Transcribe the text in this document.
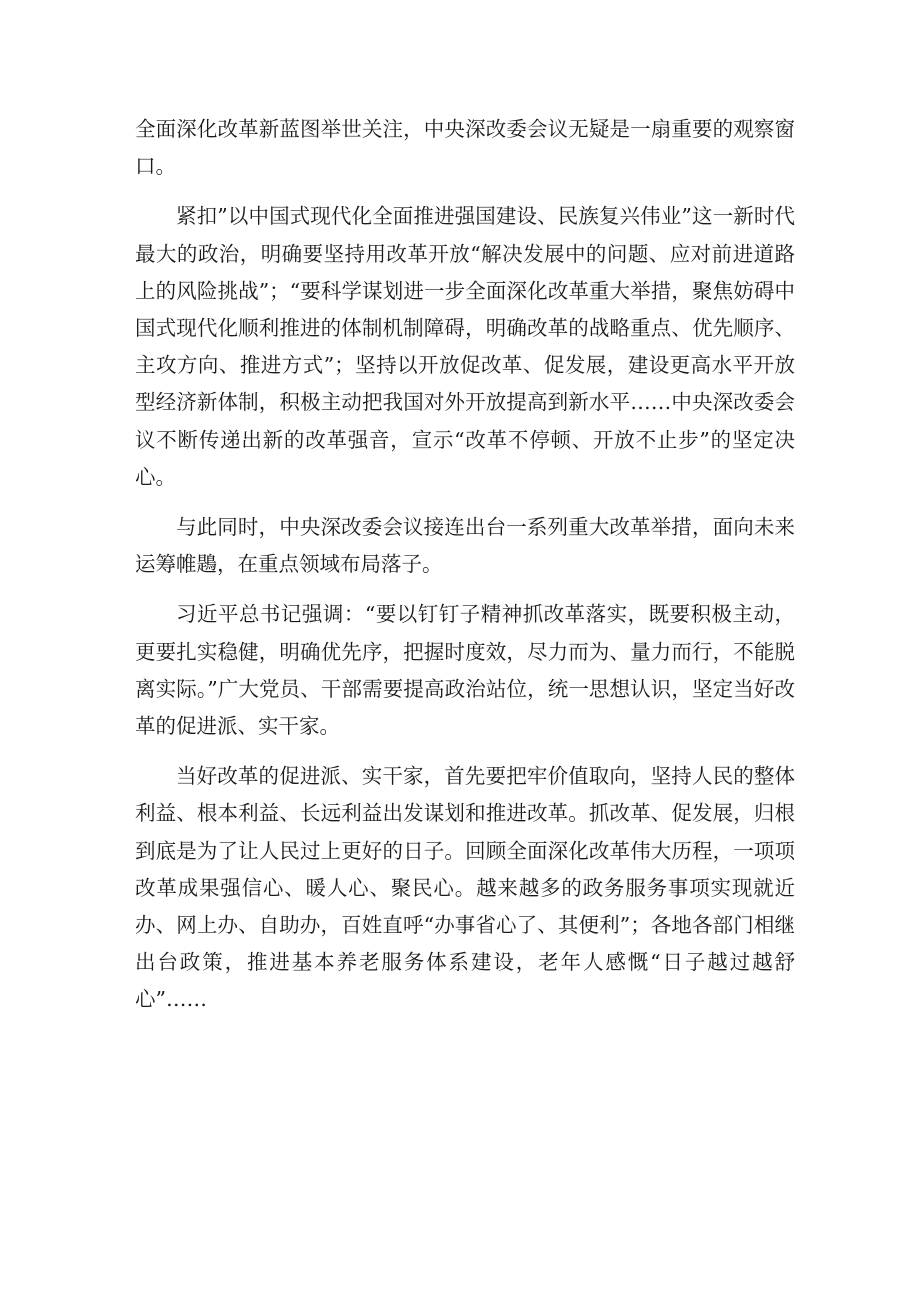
全面深化改革新蓝图举世关注，中央深改委会议无疑是一扇重要的观察窗口。

紧扣”以中国式现代化全面推进强国建设、民族复兴伟业”这一新时代最大的政治，明确要坚持用改革开放“解决发展中的问题、应对前进道路上的风险挑战”；“要科学谋划进一步全面深化改革重大举措，聚焦妨碍中国式现代化顺利推进的体制机制障碍，明确改革的战略重点、优先顺序、主攻方向、推进方式”；坚持以开放促改革、促发展，建设更高水平开放型经济新体制，积极主动把我国对外开放提高到新水平……中央深改委会议不断传递出新的改革强音，宣示“改革不停顿、开放不止步”的坚定决心。

与此同时，中央深改委会议接连出台一系列重大改革举措，面向未来运筹帷鶗，在重点领域布局落子。

习近平总书记强调：“要以钉钉子精神抓改革落实，既要积极主动，更要扎实稳健，明确优先序，把握时度效，尽力而为、量力而行，不能脱离实际。”广大党员、干部需要提高政治站位，统一思想认识，坚定当好改革的促进派、实干家。

当好改革的促进派、实干家，首先要把牢价值取向，坚持人民的整体利益、根本利益、长远利益出发谋划和推进改革。抓改革、促发展，归根到底是为了让人民过上更好的日子。回顾全面深化改革伟大历程，一项项改革成果强信心、暖人心、聚民心。越来越多的政务服务事项实现就近办、网上办、自助办，百姓直呼“办事省心了、其便利”；各地各部门相继出台政策，推进基本养老服务体系建设，老年人感慨“日子越过越舒心”……
